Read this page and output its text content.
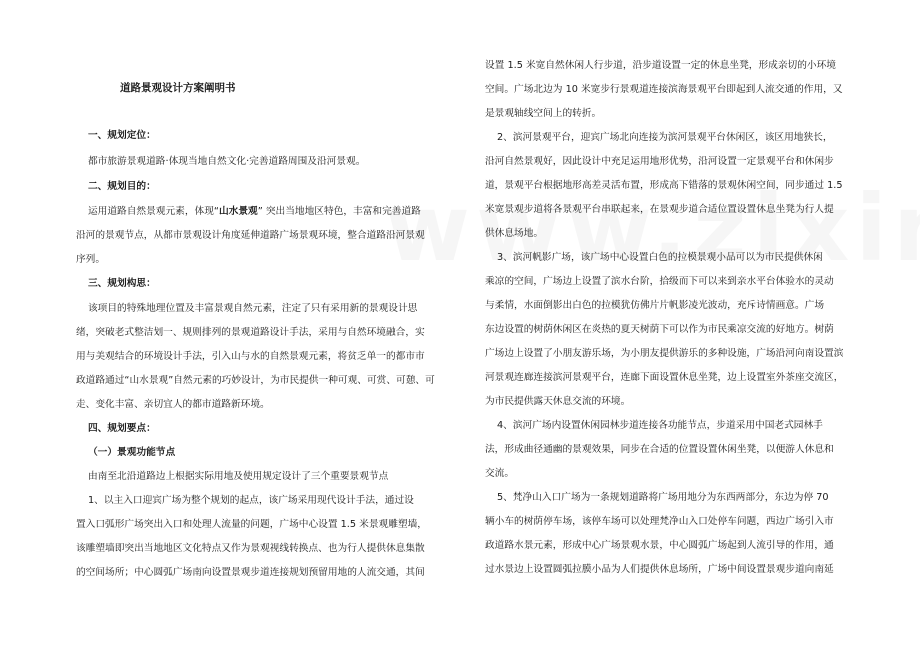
道路景观设计方案阐明书
一、规划定位：
都市旅游景观道路·体现当地自然文化·完善道路周围及沿河景观。
二、规划目的：
运用道路自然景观元素，体现“山水景观” 突出当地地区特色，丰富和完善道路
沿河的景观节点，从都市景观设计角度延伸道路广场景观环境，整合道路沿河景观
序列。
三、规划构思：
该项目的特殊地理位置及丰富景观自然元素，注定了只有采用新的景观设计思
绪，突破老式整洁划一、规则排列的景观道路设计手法，采用与自然环境融合，实
用与美观结合的环境设计手法，引入山与水的自然景观元素，将贫乏单一的都市市
政道路通过“山水景观”自然元素的巧妙设计，为市民提供一种可观、可赏、可憩、可
走、变化丰富、亲切宜人的都市道路新环境。
四、规划要点：
（一）景观功能节点
由南至北沿道路边上根据实际用地及使用规定设计了三个重要景观节点
1、以主入口迎宾广场为整个规划的起点，该广场采用现代设计手法，通过设
置入口弧形广场突出入口和处理人流量的问题，广场中心设置 1.5 米景观雕塑墙，
该雕塑墙即突出当地地区文化特点又作为景观视线转换点、也为行人提供休息集散
的空间场所；中心圆弧广场南向设置景观步道连接规划预留用地的人流交通，其间
设置 1.5 米宽自然休闲人行步道，沿步道设置一定的休息坐凳，形成亲切的小环境
空间。广场北边为 10 米宽步行景观道连接滨海景观平台即起到人流交通的作用，又
是景观轴线空间上的转折。
2、滨河景观平台，迎宾广场北向连接为滨河景观平台休闲区，该区用地狭长，
沿河自然景观好，因此设计中充足运用地形优势，沿河设置一定景观平台和休闲步
道，景观平台根据地形高差灵活布置，形成高下错落的景观休闲空间，同步通过 1.5
米宽景观步道将各景观平台串联起来，在景观步道合适位置设置休息坐凳为行人提
供休息场地。
3、滨河帆影广场，该广场中心设置白色的拉模景观小品可以为市民提供休闲
乘凉的空间，广场边上设置了滨水台阶，拾级而下可以来到亲水平台体验水的灵动
与柔情，水面倒影出白色的拉模犹仿佛片片帆影凌光波动，充斥诗情画意。广场
东边设置的树荫休闲区在炎热的夏天树荫下可以作为市民乘凉交流的好地方。树荫
广场边上设置了小朋友游乐场，为小朋友提供游乐的多种设施，广场沿河向南设置滨
河景观连廊连接滨河景观平台，连廊下面设置休息坐凳，边上设置室外茶座交流区，
为市民提供露天休息交流的环境。
4、滨河广场内设置休闲园林步道连接各功能节点，步道采用中国老式园林手
法，形成曲径通幽的景观效果，同步在合适的位置设置休闲坐凳，以便游人休息和
交流。
5、梵净山入口广场为一条规划道路将广场用地分为东西两部分，东边为停 70
辆小车的树荫停车场，该停车场可以处理梵净山入口处停车问题，西边广场引入市
政道路水景元素，形成中心广场景观水景，中心圆弧广场起到人流引导的作用，通
过水景边上设置圆弧拉膜小品为人们提供休息场所，广场中间设置景观步道向南延
